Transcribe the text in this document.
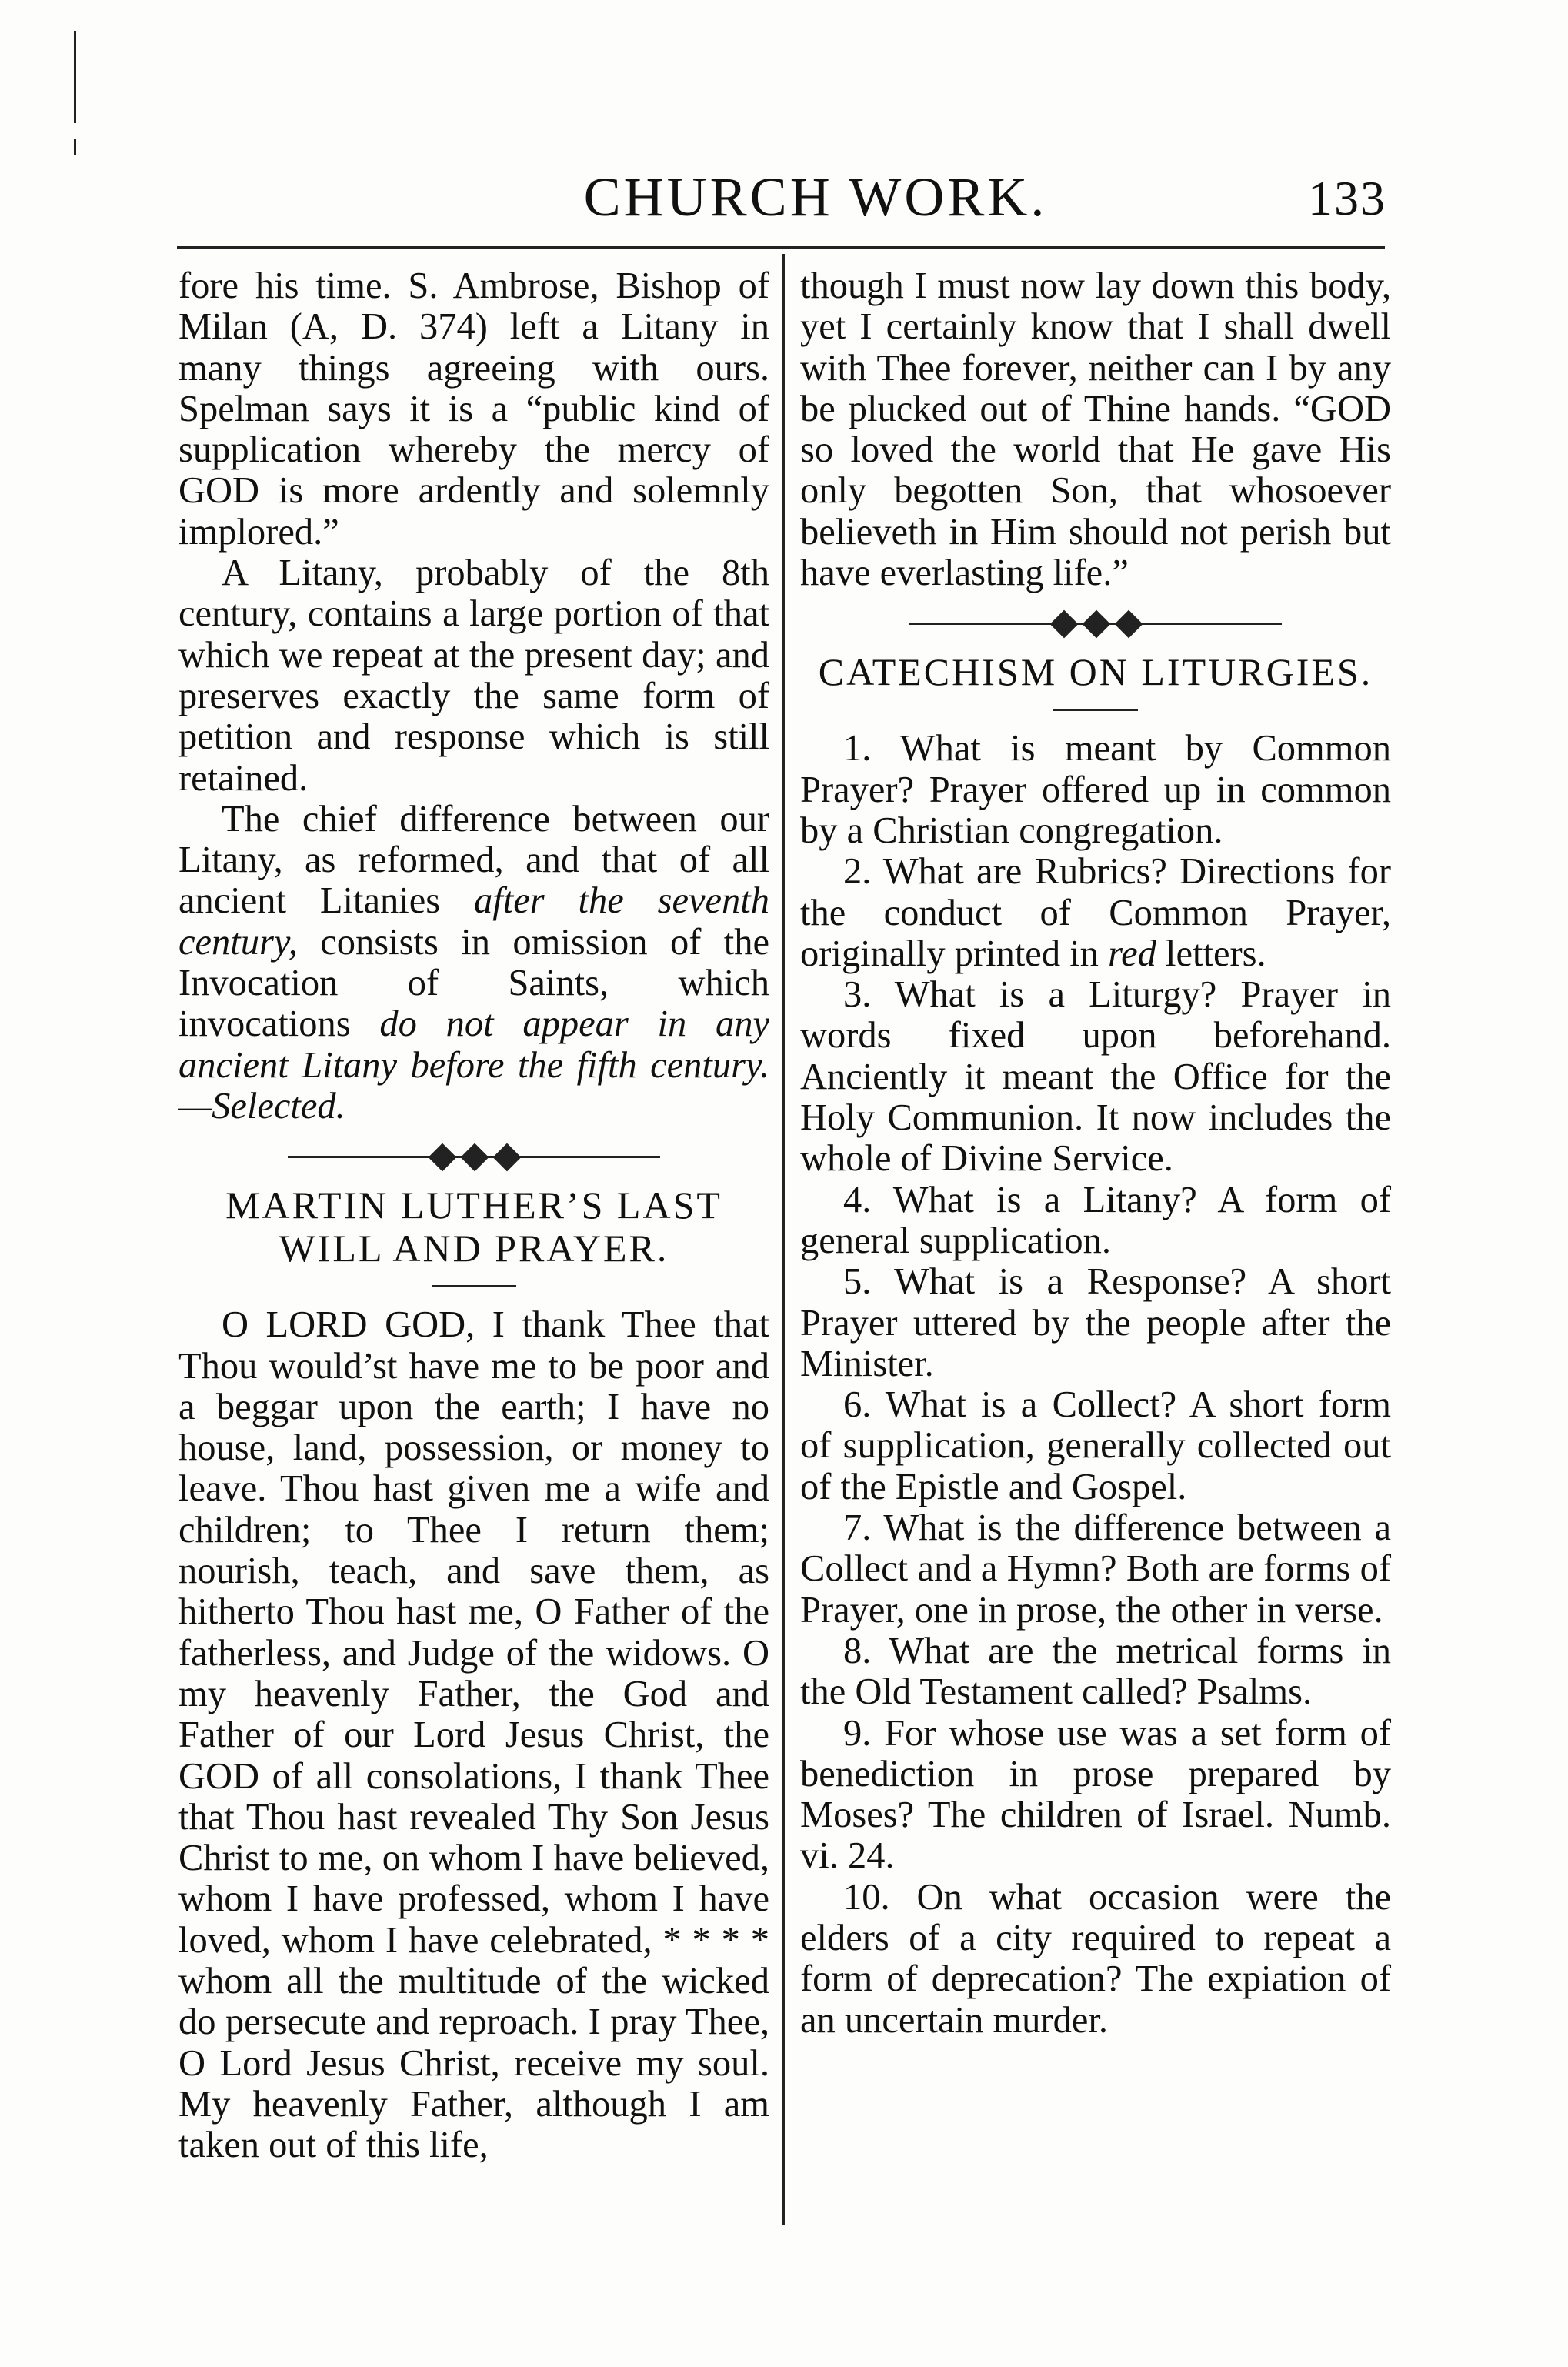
CHURCH WORK.	133

fore his time. S. Ambrose, Bishop of Milan (A, D. 374) left a Litany in many things agreeing with ours. Spelman says it is a “public kind of supplication whereby the mercy of GOD is more ardently and solemnly implored.”

A Litany, probably of the 8th century, contains a large portion of that which we repeat at the present day; and preserves exactly the same form of petition and response which is still retained.

The chief difference between our Litany, as reformed, and that of all ancient Litanies after the seventh century, consists in omission of the Invocation of Saints, which invocations do not appear in any ancient Litany before the fifth century.—Selected.

MARTIN LUTHER’S LAST
WILL AND PRAYER.

O LORD GOD, I thank Thee that Thou would’st have me to be poor and a beggar upon the earth; I have no house, land, possession, or money to leave. Thou hast given me a wife and children; to Thee I return them; nourish, teach, and save them, as hitherto Thou hast me, O Father of the fatherless, and Judge of the widows. O my heavenly Father, the God and Father of our Lord Jesus Christ, the GOD of all consolations, I thank Thee that Thou hast revealed Thy Son Jesus Christ to me, on whom I have believed, whom I have professed, whom I have loved, whom I have celebrated, * * * * whom all the multitude of the wicked do persecute and reproach. I pray Thee, O Lord Jesus Christ, receive my soul. My heavenly Father, although I am taken out of this life,

though I must now lay down this body, yet I certainly know that I shall dwell with Thee forever, neither can I by any be plucked out of Thine hands. “GOD so loved the world that He gave His only begotten Son, that whosoever believeth in Him should not perish but have everlasting life.”

CATECHISM ON LITURGIES.

1. What is meant by Common Prayer? Prayer offered up in common by a Christian congregation.

2. What are Rubrics? Directions for the conduct of Common Prayer, originally printed in red letters.

3. What is a Liturgy? Prayer in words fixed upon beforehand. Anciently it meant the Office for the Holy Communion. It now includes the whole of Divine Service.

4. What is a Litany? A form of general supplication.

5. What is a Response? A short Prayer uttered by the people after the Minister.

6. What is a Collect? A short form of supplication, generally collected out of the Epistle and Gospel.

7. What is the difference between a Collect and a Hymn? Both are forms of Prayer, one in prose, the other in verse.

8. What are the metrical forms in the Old Testament called? Psalms.

9. For whose use was a set form of benediction in prose prepared by Moses? The children of Israel. Numb. vi. 24.

10. On what occasion were the elders of a city required to repeat a form of deprecation? The expiation of an uncertain murder.
